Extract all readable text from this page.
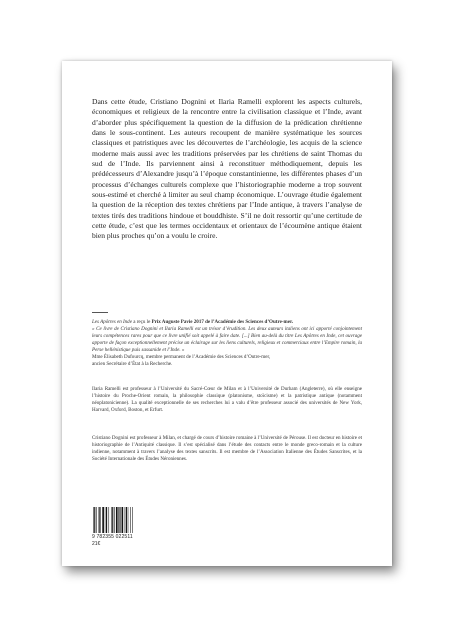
Dans cette étude, Cristiano Dognini et Ilaria Ramelli explorent les aspects culturels, économiques et religieux de la rencontre entre la civilisation classique et l’Inde, avant d’aborder plus spécifiquement la question de la diffusion de la prédication chrétienne dans le sous-continent. Les auteurs recoupent de manière systématique les sources classiques et patristiques avec les découvertes de l’archéologie, les acquis de la science moderne mais aussi avec les traditions préservées par les chrétiens de saint Thomas du sud de l’Inde. Ils parviennent ainsi à reconstituer méthodiquement, depuis les prédécesseurs d’Alexandre jusqu’à l’époque constantinienne, les différentes phases d’un processus d’échanges culturels complexe que l’historiographie moderne a trop souvent sous-estimé et cherché à limiter au seul champ économique. L’ouvrage étudie également la question de la réception des textes chrétiens par l’Inde antique, à travers l’analyse de textes tirés des traditions hindoue et bouddhiste. S’il ne doit ressortir qu’une certitude de cette étude, c’est que les termes occidentaux et orientaux de l’écoumène antique étaient bien plus proches qu’on a voulu le croire.

Les Apôtres en Inde a reçu le Prix Auguste Pavie 2017 de l’Académie des Sciences d’Outre-mer.

« Ce livre de Cristiano Dognini et Ilaria Ramelli est un trésor d’érudition. Les deux auteurs italiens ont ici apporté conjointement leurs compétences rares pour que ce livre unifié soit appelé à faire date. [...] Bien au-delà du titre Les Apôtres en Inde, cet ouvrage apporte de façon exceptionnellement précise un éclairage sur les liens culturels, religieux et commerciaux entre l’Empire romain, la Perse hellénistique puis sassanide et l’Inde. »

Mme Élisabeth Dufourcq, membre permanent de l’Académie des Sciences d’Outre-mer,

ancien Secrétaire d’État à la Recherche.

Ilaria Ramelli est professeur à l’Université du Sacré-Cœur de Milan et à l’Université de Durham (Angleterre), où elle enseigne l’histoire du Proche-Orient romain, la philosophie classique (platonisme, stoïcisme) et la patristique antique (notamment néoplatonicienne). La qualité exceptionnelle de ses recherches lui a valu d’être professeur associé des universités de New York, Harvard, Oxford, Boston, et Erfurt.

Cristiano Dognini est professeur à Milan, et chargé de cours d’histoire romaine à l’Université de Pérouse. Il est docteur en histoire et historiographie de l’Antiquité classique. Il s’est spécialisé dans l’étude des contacts entre le monde greco-romain et la culture indienne, notamment à travers l’analyse des textes sanscrits. Il est membre de l’Association Italienne des Études Sanscrites, et la Société Internationale des Études Néroniennes.

9 782355 022511
21€
